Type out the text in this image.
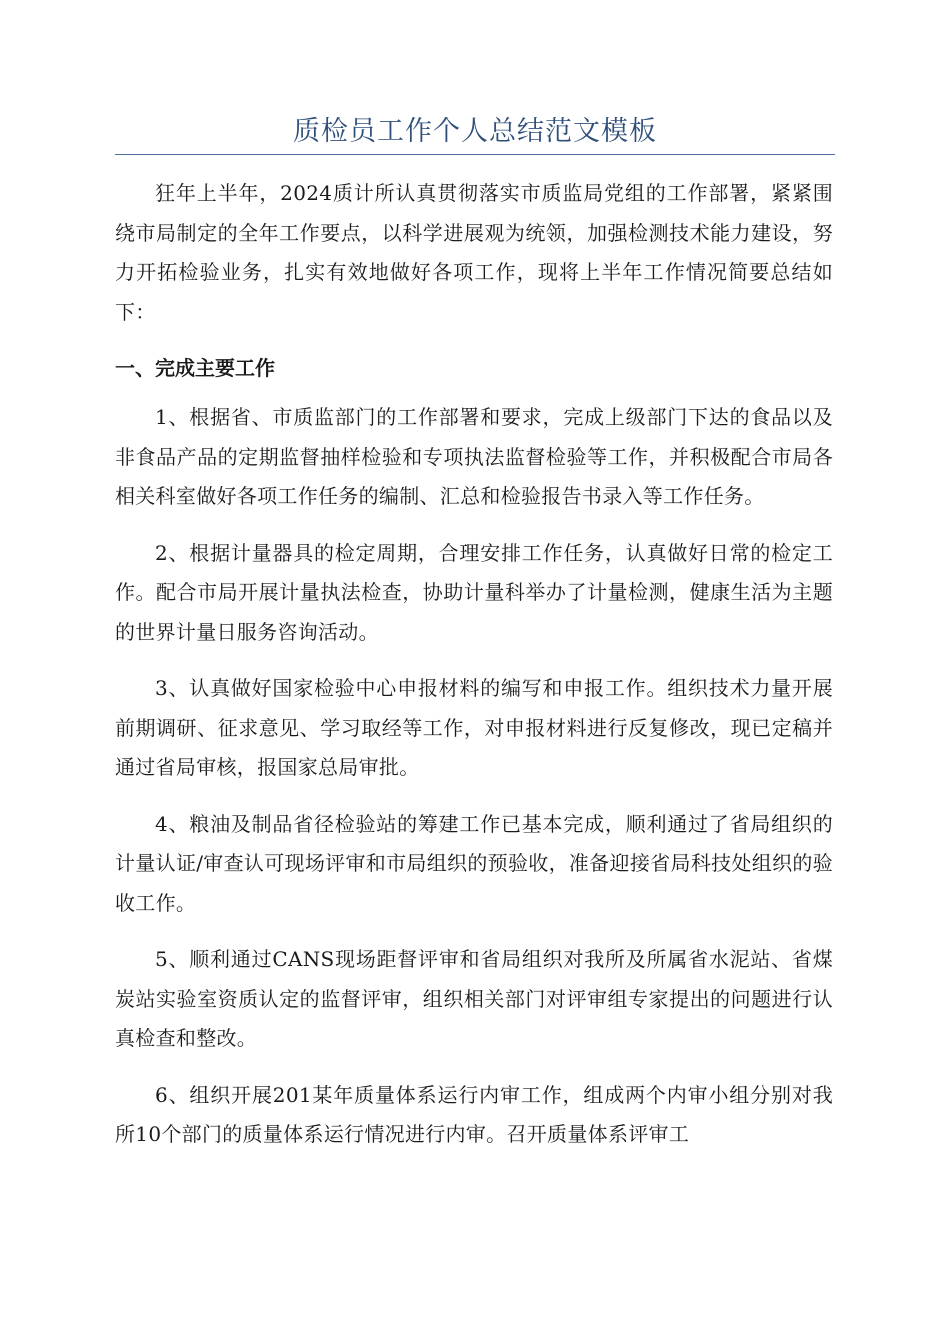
质检员工作个人总结范文模板

狂年上半年，2024质计所认真贯彻落实市质监局党组的工作部署，紧紧围绕市局制定的全年工作要点，以科学进展观为统领，加强检测技术能力建设，努力开拓检验业务，扎实有效地做好各项工作，现将上半年工作情况简要总结如下：

一、完成主要工作

1、根据省、市质监部门的工作部署和要求，完成上级部门下达的食品以及非食品产品的定期监督抽样检验和专项执法监督检验等工作，并积极配合市局各相关科室做好各项工作任务的编制、汇总和检验报告书录入等工作任务。

2、根据计量器具的检定周期，合理安排工作任务，认真做好日常的检定工作。配合市局开展计量执法检查，协助计量科举办了计量检测，健康生活为主题的世界计量日服务咨询活动。

3、认真做好国家检验中心申报材料的编写和申报工作。组织技术力量开展前期调研、征求意见、学习取经等工作，对申报材料进行反复修改，现已定稿并通过省局审核，报国家总局审批。

4、粮油及制品省径检验站的筹建工作已基本完成，顺利通过了省局组织的计量认证/审查认可现场评审和市局组织的预验收，准备迎接省局科技处组织的验收工作。

5、顺利通过CANS现场距督评审和省局组织对我所及所属省水泥站、省煤炭站实验室资质认定的监督评审，组织相关部门对评审组专家提出的问题进行认真检查和整改。

6、组织开展201某年质量体系运行内审工作，组成两个内审小组分别对我所10个部门的质量体系运行情况进行内审。召开质量体系评审工
